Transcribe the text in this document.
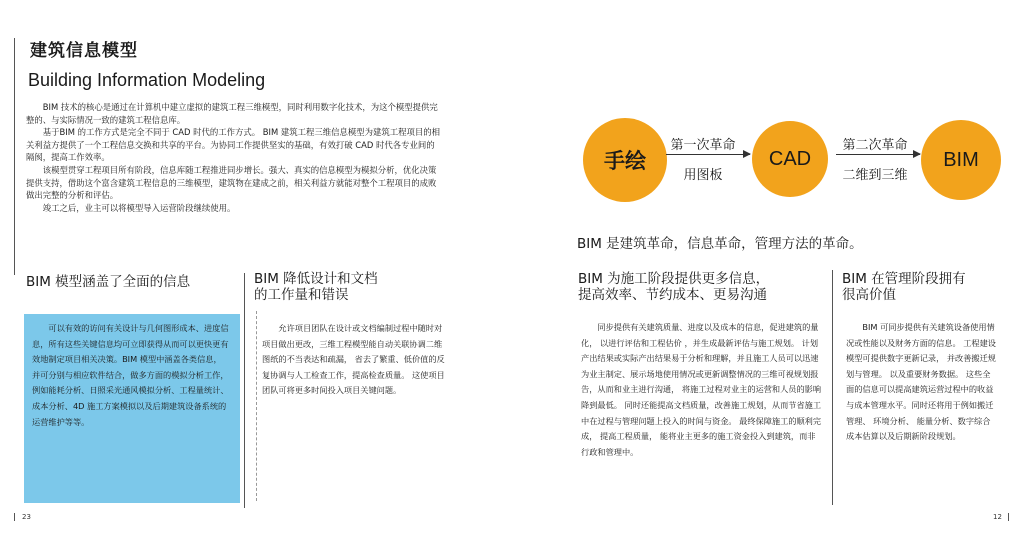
建筑信息模型
Building Information Modeling

BIM 技术的核心是通过在计算机中建立虚拟的建筑工程三维模型，同时利用数字化技术，为这个模型提供完整的、与实际情况一致的建筑工程信息库。

基于BIM 的工作方式是完全不同于 CAD 时代的工作方式。 BIM 建筑工程三维信息模型为建筑工程项目的相关利益方提供了一个工程信息交换和共享的平台。为协同工作提供坚实的基础，有效打破 CAD 时代各专业间的隔阂，提高工作效率。

该模型贯穿工程项目所有阶段，信息库随工程推进同步增长。强大、真实的信息模型为模拟分析，优化决策提供支持，借助这个富含建筑工程信息的三维模型，建筑物在建成之前，相关利益方就能对整个工程项目的成败做出完整的分析和评估。

竣工之后，业主可以将模型导入运营阶段继续使用。

BIM 模型涵盖了全面的信息

可以有效的访问有关设计与几何图形成本、进度信息，所有这些关键信息均可立即获得从而可以更快更有效地制定项目相关决策。BIM 模型中涵盖各类信息， 并可分别与相应软件结合，做多方面的模拟分析工作， 例如能耗分析、日照采光通风模拟分析、工程量统计、成本分析、4D 施工方案模拟以及后期建筑设备系统的运营维护等等。

BIM 降低设计和文档
的工作量和错误

允许项目团队在设计或文档编制过程中随时对项目做出更改，三维工程模型能自动关联协调二维图纸的不当表达和疏漏， 省去了繁重、低价值的反复协调与人工检查工作，提高检查质量。 这使项目团队可将更多时间投入项目关键问题。

23
手绘
第一次革命
用图板
CAD
第二次革命
二维到三维
BIM
BIM 是建筑革命，信息革命，管理方法的革命。
BIM 为施工阶段提供更多信息，
提高效率、节约成本、更易沟通

同步提供有关建筑质量、进度以及成本的信息，促进建筑的量化， 以进行评估和工程估价 ，并生成最新评估与施工规划。 计划产出结果或实际产出结果易于分析和理解，并且施工人员可以迅速为业主制定、展示场地使用情况或更新调整情况的三维可视规划报告，从而和业主进行沟通， 将施工过程对业主的运营和人员的影响降到最低。 同时还能提高文档质量，改善施工规划，从而节省施工中在过程与管理问题上投入的时间与资金。 最终保障施工的顺利完成， 提高工程质量， 能将业主更多的施工资金投入到建筑，而非行政和管理中。

BIM 在管理阶段拥有
很高价值

BIM 可同步提供有关建筑设备使用情况或性能以及财务方面的信息。 工程建设模型可提供数字更新记录， 并改善搬迁规划与管理。 以及重要财务数据。 这些全面的信息可以提高建筑运营过程中的收益与成本管理水平。同时还将用于例如搬迁管理、 环境分析、 能量分析、数字综合成本估算以及后期新阶段规划。

12
